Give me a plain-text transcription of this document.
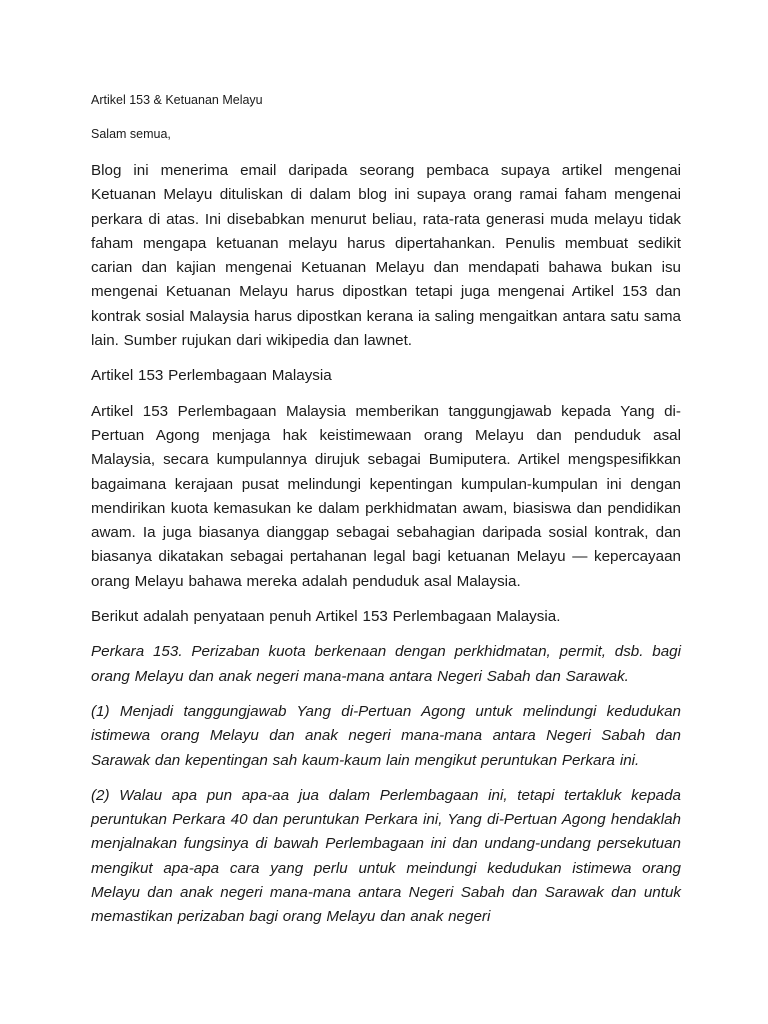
Artikel 153 & Ketuanan Melayu

Salam semua,

Blog ini menerima email daripada seorang pembaca supaya artikel mengenai Ketuanan Melayu dituliskan di dalam blog ini supaya orang ramai faham mengenai perkara di atas. Ini disebabkan menurut beliau, rata-rata generasi muda melayu tidak faham mengapa ketuanan melayu harus dipertahankan. Penulis membuat sedikit carian dan kajian mengenai Ketuanan Melayu dan mendapati bahawa bukan isu mengenai Ketuanan Melayu harus dipostkan tetapi juga mengenai Artikel 153 dan kontrak sosial Malaysia harus dipostkan kerana ia saling mengaitkan antara satu sama lain. Sumber rujukan dari wikipedia dan lawnet.

Artikel 153 Perlembagaan Malaysia

Artikel 153 Perlembagaan Malaysia memberikan tanggungjawab kepada Yang di-Pertuan Agong menjaga hak keistimewaan orang Melayu dan penduduk asal Malaysia, secara kumpulannya dirujuk sebagai Bumiputera. Artikel mengspesifikkan bagaimana kerajaan pusat melindungi kepentingan kumpulan-kumpulan ini dengan mendirikan kuota kemasukan ke dalam perkhidmatan awam, biasiswa dan pendidikan awam. Ia juga biasanya dianggap sebagai sebahagian daripada sosial kontrak, dan biasanya dikatakan sebagai pertahanan legal bagi ketuanan Melayu — kepercayaan orang Melayu bahawa mereka adalah penduduk asal Malaysia.

Berikut adalah penyataan penuh Artikel 153 Perlembagaan Malaysia.

Perkara 153. Perizaban kuota berkenaan dengan perkhidmatan, permit, dsb. bagi orang Melayu dan anak negeri mana-mana antara Negeri Sabah dan Sarawak.

(1) Menjadi tanggungjawab Yang di-Pertuan Agong untuk melindungi kedudukan istimewa orang Melayu dan anak negeri mana-mana antara Negeri Sabah dan Sarawak dan kepentingan sah kaum-kaum lain mengikut peruntukan Perkara ini.

(2) Walau apa pun apa-aa jua dalam Perlembagaan ini, tetapi tertakluk kepada peruntukan Perkara 40 dan peruntukan Perkara ini, Yang di-Pertuan Agong hendaklah menjalnakan fungsinya di bawah Perlembagaan ini dan undang-undang persekutuan mengikut apa-apa cara yang perlu untuk meindungi kedudukan istimewa orang Melayu dan anak negeri mana-mana antara Negeri Sabah dan Sarawak dan untuk memastikan perizaban bagi orang Melayu dan anak negeri
